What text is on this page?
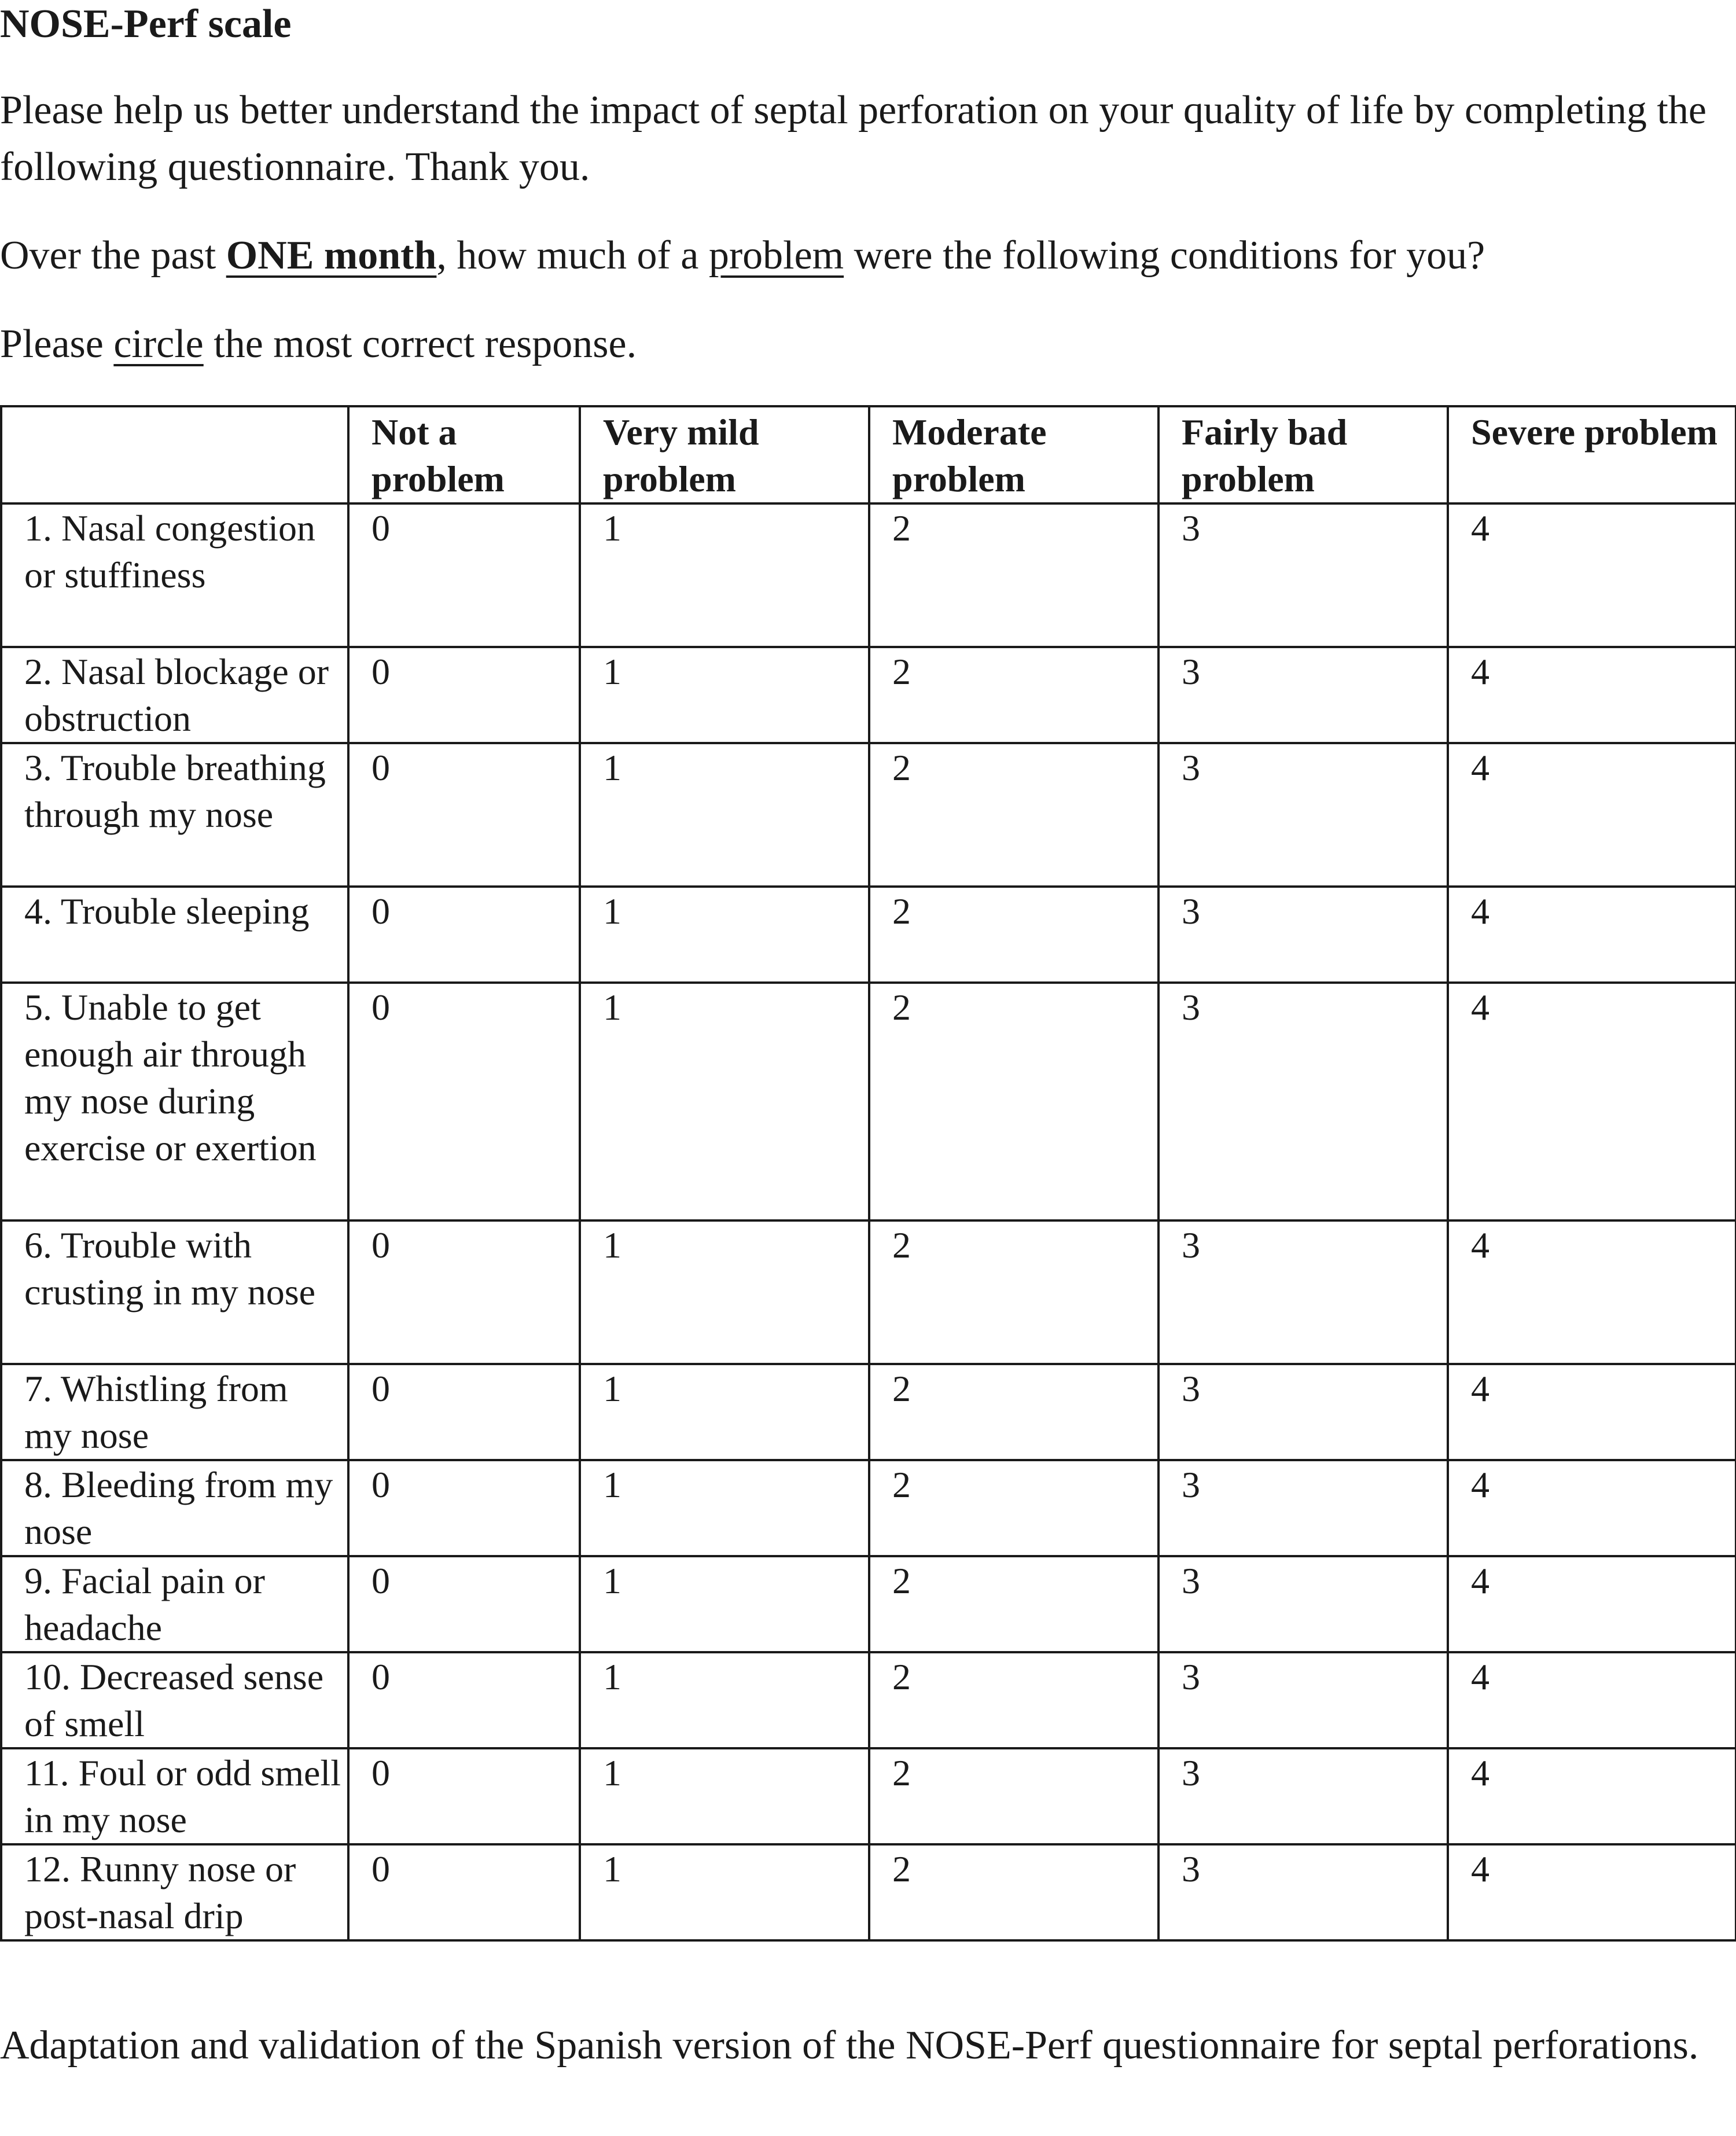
NOSE-Perf scale
Please help us better understand the impact of septal perforation on your quality of life by completing the following questionnaire. Thank you.
Over the past ONE month, how much of a problem were the following conditions for you?
Please circle the most correct response.
	Not a problem	Very mild problem	Moderate problem	Fairly bad problem	Severe problem
1. Nasal congestion or stuffiness	0	1	2	3	4
2. Nasal blockage or obstruction	0	1	2	3	4
3. Trouble breathing through my nose	0	1	2	3	4
4. Trouble sleeping	0	1	2	3	4
5. Unable to get enough air through my nose during exercise or exertion	0	1	2	3	4
6. Trouble with crusting in my nose	0	1	2	3	4
7. Whistling from my nose	0	1	2	3	4
8. Bleeding from my nose	0	1	2	3	4
9. Facial pain or headache	0	1	2	3	4
10. Decreased sense of smell	0	1	2	3	4
11. Foul or odd smell in my nose	0	1	2	3	4
12. Runny nose or post-nasal drip	0	1	2	3	4
Adaptation and validation of the Spanish version of the NOSE-Perf questionnaire for septal perforations.
